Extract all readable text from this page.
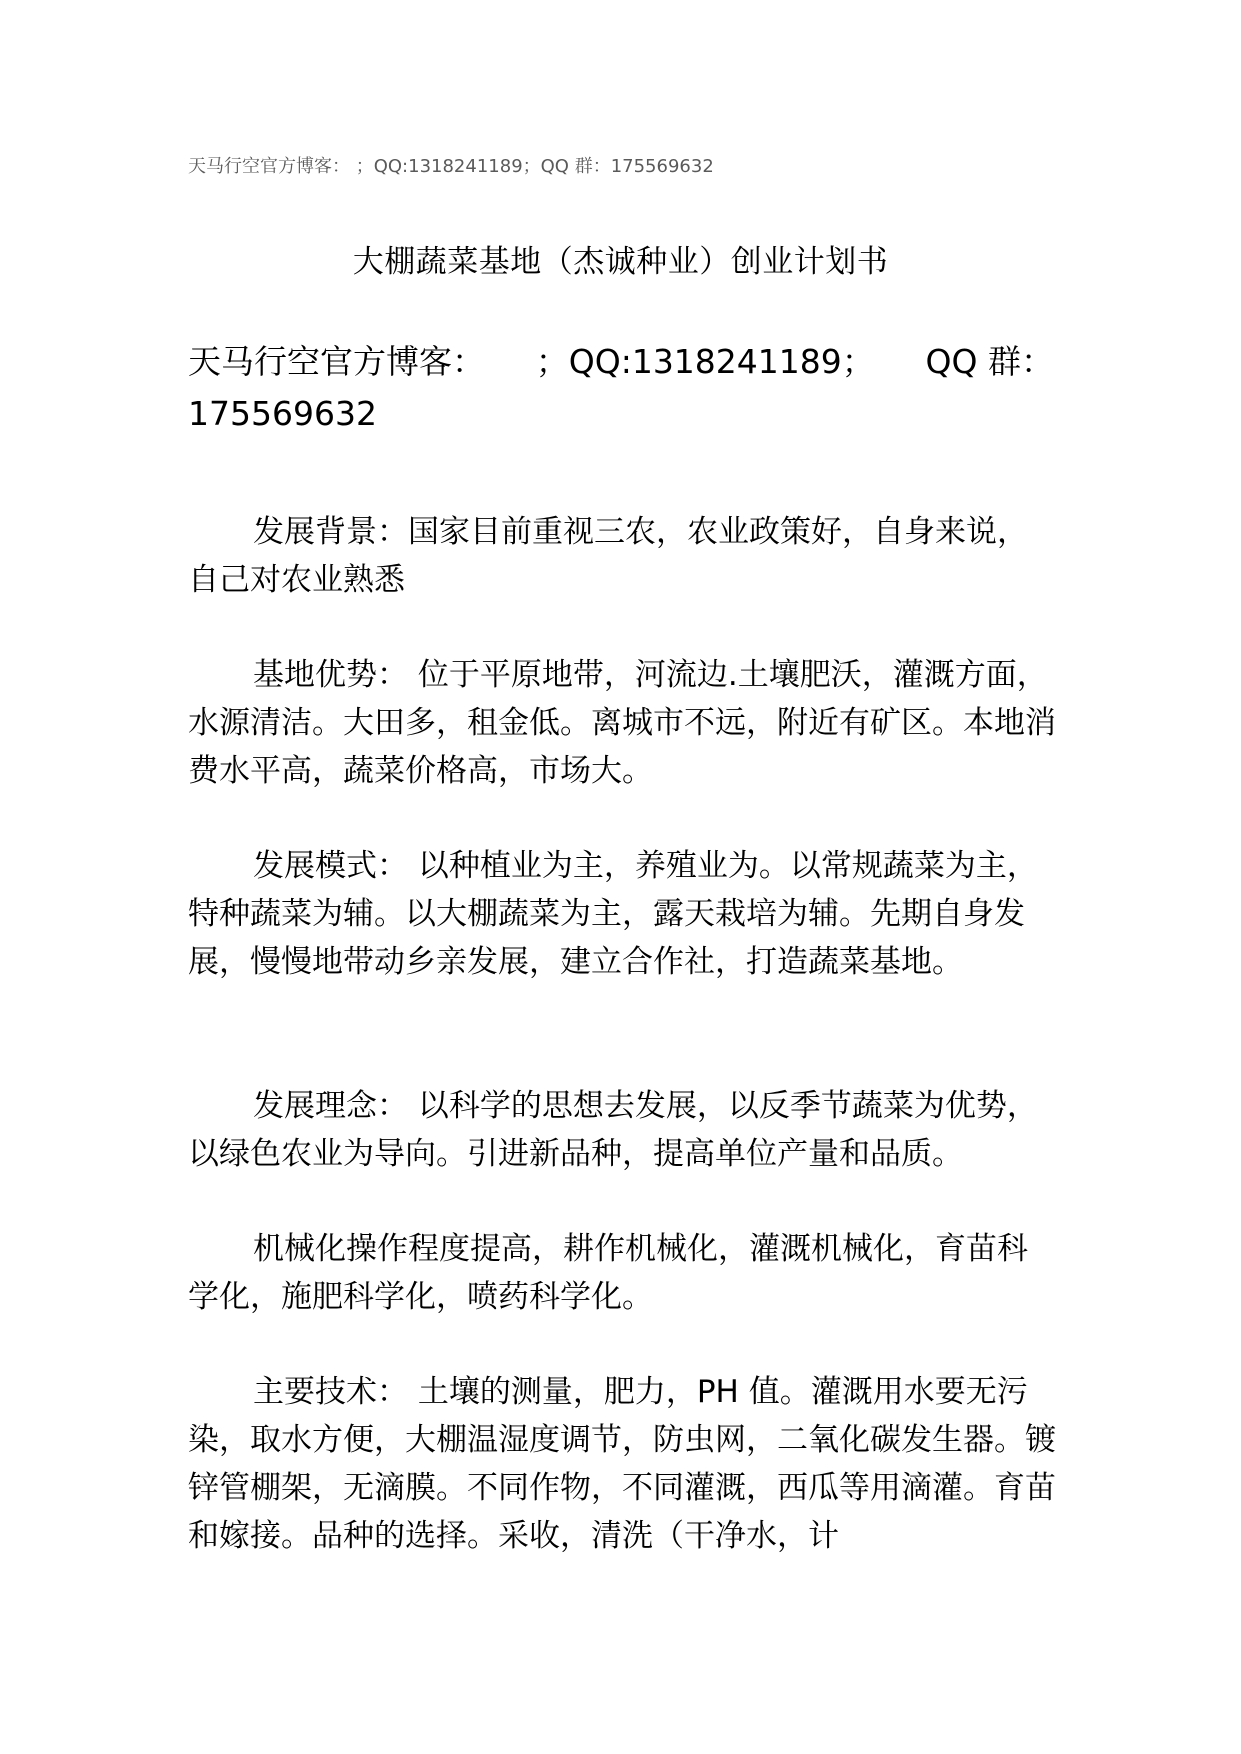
天马行空官方博客： ；QQ:1318241189；QQ 群：175569632
大棚蔬菜基地（杰诚种业）创业计划书
天马行空官方博客： ；QQ:1318241189； QQ 群：
175569632

发展背景：国家目前重视三农，农业政策好，自身来说，自己对农业熟悉

基地优势： 位于平原地带，河流边.土壤肥沃，灌溉方面，水源清洁。大田多，租金低。离城市不远，附近有矿区。本地消费水平高，蔬菜价格高，市场大。

发展模式： 以种植业为主，养殖业为。以常规蔬菜为主，特种蔬菜为辅。以大棚蔬菜为主，露天栽培为辅。先期自身发展，慢慢地带动乡亲发展，建立合作社，打造蔬菜基地。

发展理念： 以科学的思想去发展，以反季节蔬菜为优势，以绿色农业为导向。引进新品种，提高单位产量和品质。

机械化操作程度提高，耕作机械化，灌溉机械化，育苗科学化，施肥科学化，喷药科学化。

主要技术： 土壤的测量，肥力，PH 值。灌溉用水要无污染，取水方便，大棚温湿度调节，防虫网，二氧化碳发生器。镀锌管棚架，无滴膜。不同作物，不同灌溉，西瓜等用滴灌。育苗和嫁接。品种的选择。采收，清洗（干净水，计
